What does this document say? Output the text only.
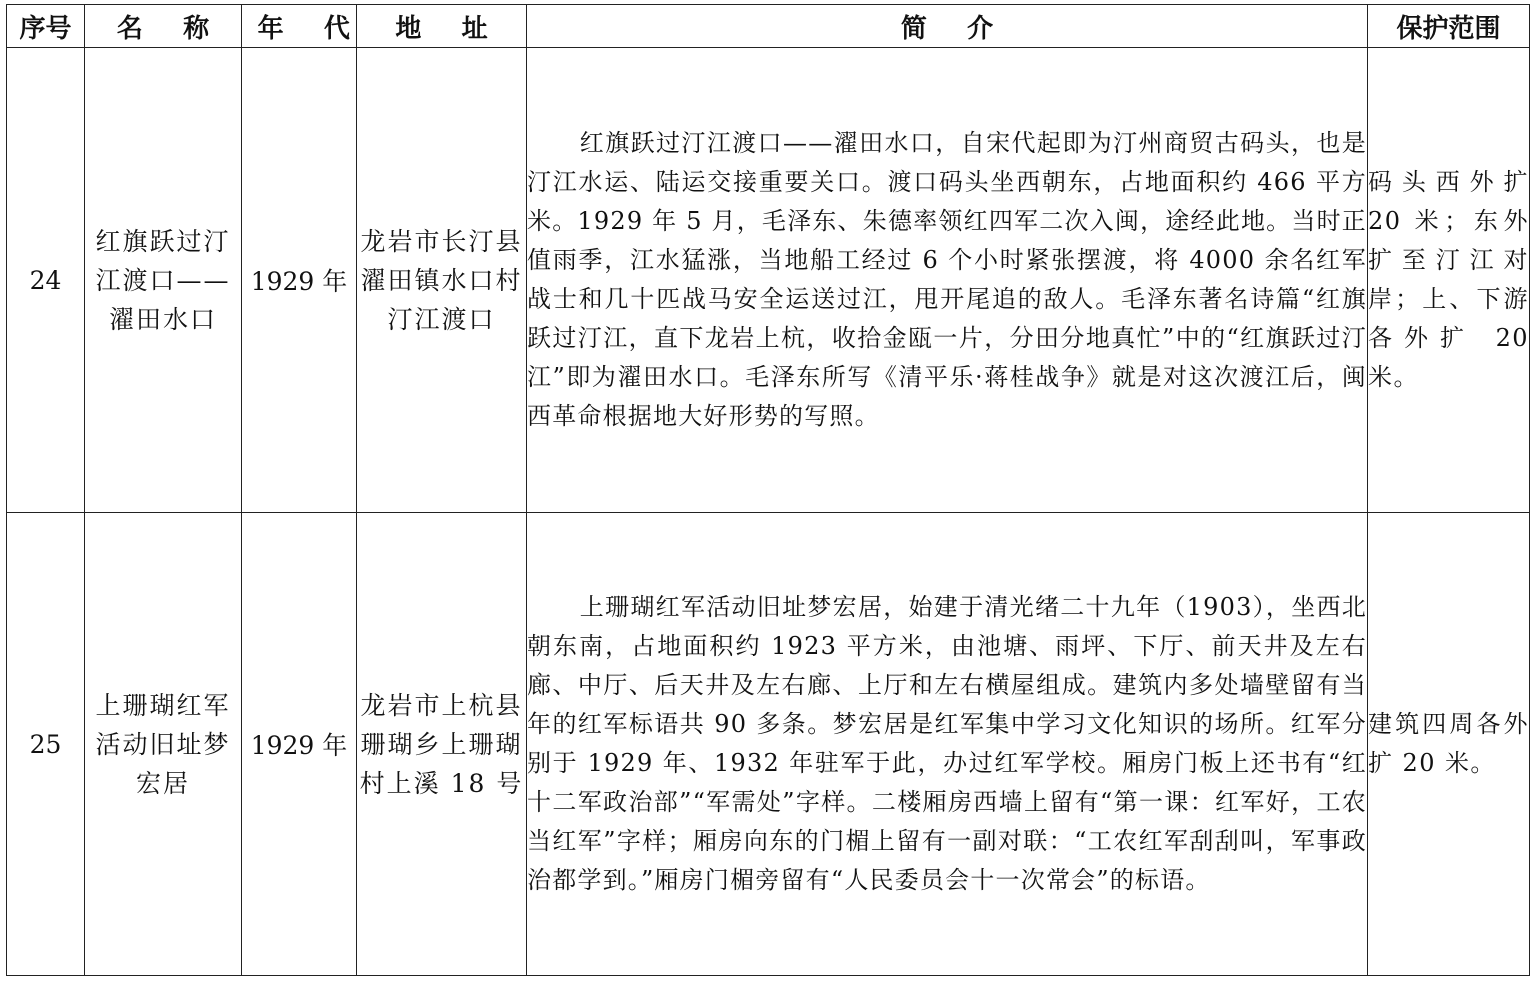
序号	名 称	年 代	地 址	简 介	保护范围
24	红旗跃过汀江渡口——濯田水口	1929 年	龙岩市长汀县濯田镇水口村汀江渡口	红旗跃过汀江渡口——濯田水口，自宋代起即为汀州商贸古码头，也是汀江水运、陆运交接重要关口。渡口码头坐西朝东，占地面积约 466 平方米。1929 年 5 月，毛泽东、朱德率领红四军二次入闽，途经此地。当时正值雨季，江水猛涨，当地船工经过 6 个小时紧张摆渡，将 4000 余名红军战士和几十匹战马安全运送过江，甩开尾追的敌人。毛泽东著名诗篇“红旗跃过汀江，直下龙岩上杭，收拾金瓯一片，分田分地真忙”中的“红旗跃过汀江”即为濯田水口。毛泽东所写《清平乐·蒋桂战争》就是对这次渡江后，闽西革命根据地大好形势的写照。	码头西外扩 20 米；东外扩至汀江对岸；上、下游各外扩 20 米。
25	上珊瑚红军活动旧址梦宏居	1929 年	龙岩市上杭县珊瑚乡上珊瑚村上溪 18 号	上珊瑚红军活动旧址梦宏居，始建于清光绪二十九年（1903），坐西北朝东南，占地面积约 1923 平方米，由池塘、雨坪、下厅、前天井及左右廊、中厅、后天井及左右廊、上厅和左右横屋组成。建筑内多处墙壁留有当年的红军标语共 90 多条。梦宏居是红军集中学习文化知识的场所。红军分别于 1929 年、1932 年驻军于此，办过红军学校。厢房门板上还书有“红十二军政治部”“军需处”字样。二楼厢房西墙上留有“第一课：红军好，工农当红军”字样；厢房向东的门楣上留有一副对联：“工农红军刮刮叫，军事政治都学到。”厢房门楣旁留有“人民委员会十一次常会”的标语。	建筑四周各外扩 20 米。
